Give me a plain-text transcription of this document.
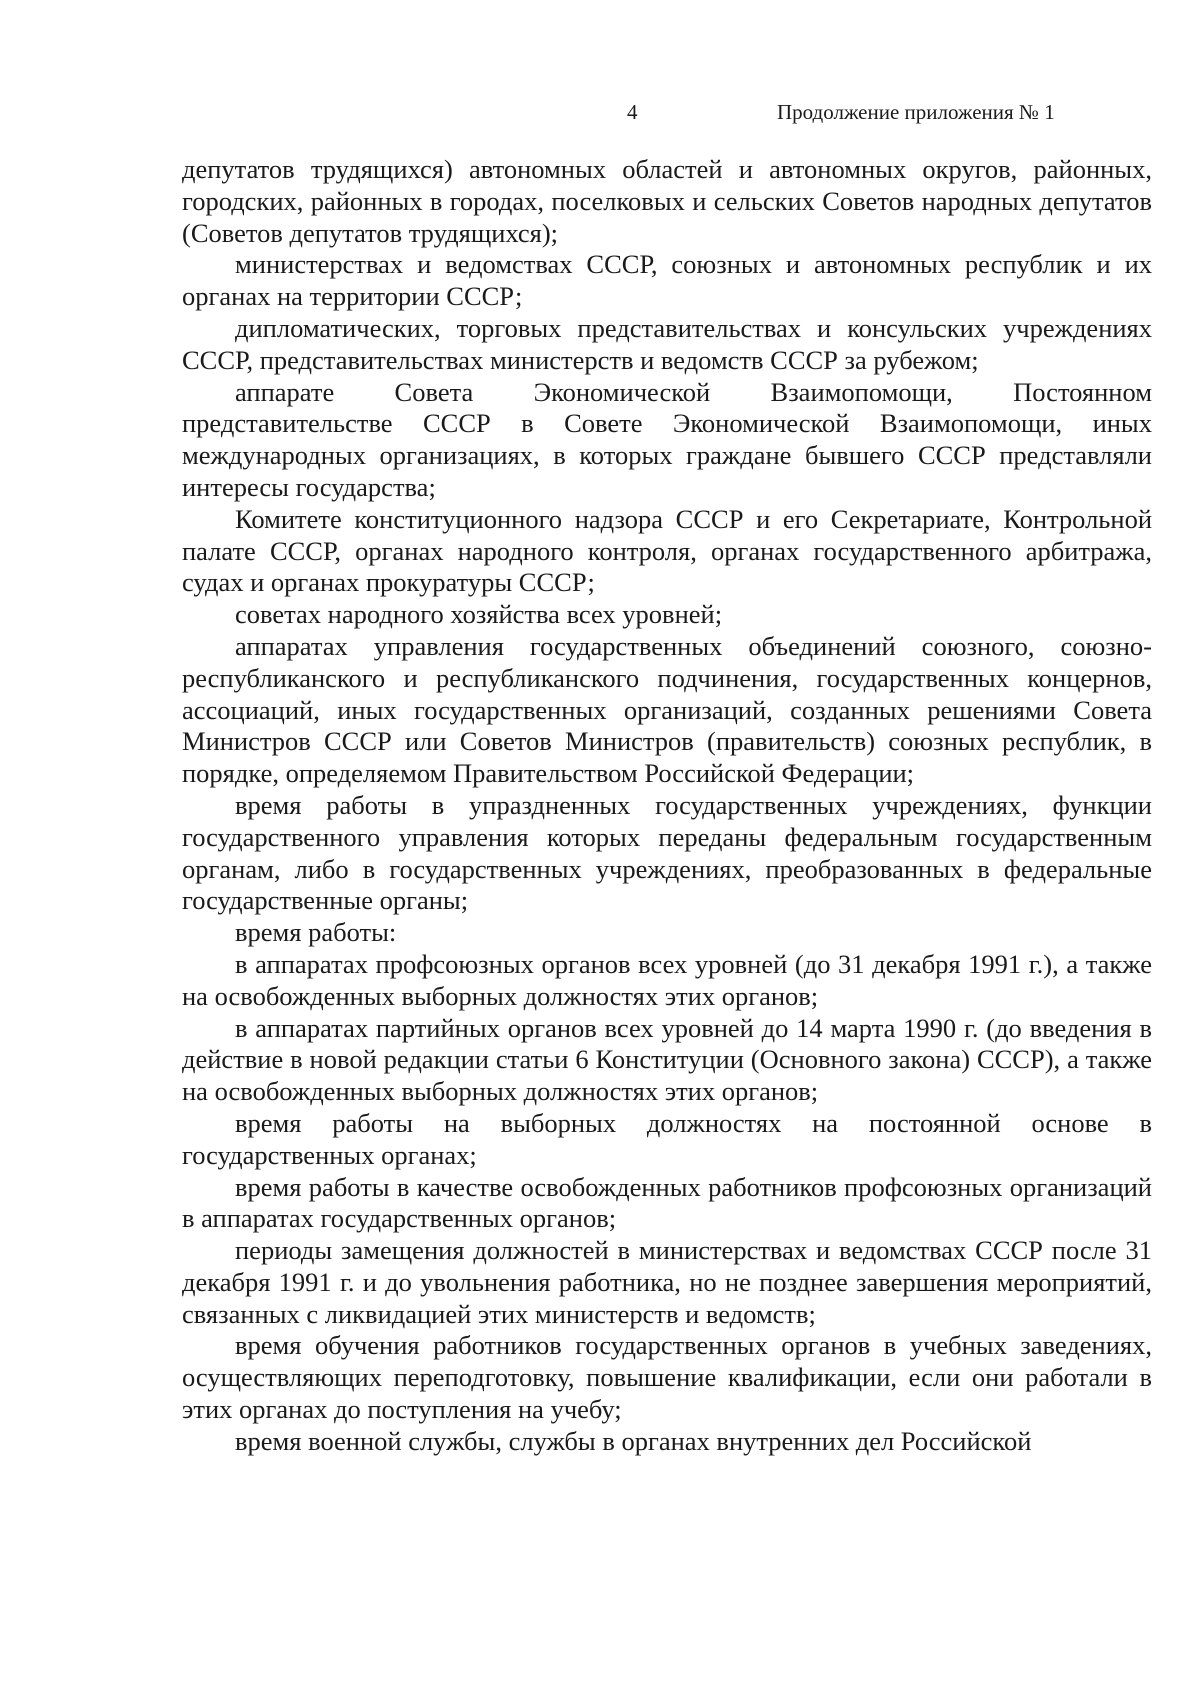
4	Продолжение приложения № 1

депутатов трудящихся) автономных областей и автономных округов, районных, городских, районных в городах, поселковых и сельских Советов народных депутатов (Советов депутатов трудящихся);

министерствах и ведомствах СССР, союзных и автономных республик и их органах на территории СССР;

дипломатических, торговых представительствах и консульских учреждениях СССР, представительствах министерств и ведомств СССР за рубежом;

аппарате Совета Экономической Взаимопомощи, Постоянном представительстве СССР в Совете Экономической Взаимопомощи, иных международных организациях, в которых граждане бывшего СССР представляли интересы государства;

Комитете конституционного надзора СССР и его Секретариате, Контрольной палате СССР, органах народного контроля, органах государственного арбитража, судах и органах прокуратуры СССР;

советах народного хозяйства всех уровней;

аппаратах управления государственных объединений союзного, союзно-республиканского и республиканского подчинения, государственных концернов, ассоциаций, иных государственных организаций, созданных решениями Совета Министров СССР или Советов Министров (правительств) союзных республик, в порядке, определяемом Правительством Российской Федерации;

время работы в упраздненных государственных учреждениях, функции государственного управления которых переданы федеральным государственным органам, либо в государственных учреждениях, преобразованных в федеральные государственные органы;

время работы:

в аппаратах профсоюзных органов всех уровней (до 31 декабря 1991 г.), а также на освобожденных выборных должностях этих органов;

в аппаратах партийных органов всех уровней до 14 марта 1990 г. (до введения в действие в новой редакции статьи 6 Конституции (Основного закона) СССР), а также на освобожденных выборных должностях этих органов;

время работы на выборных должностях на постоянной основе в государственных органах;

время работы в качестве освобожденных работников профсоюзных организаций в аппаратах государственных органов;

периоды замещения должностей в министерствах и ведомствах СССР после 31 декабря 1991 г. и до увольнения работника, но не позднее завершения мероприятий, связанных с ликвидацией этих министерств и ведомств;

время обучения работников государственных органов в учебных заведениях, осуществляющих переподготовку, повышение квалификации, если они работали в этих органах до поступления на учебу;

время военной службы, службы в органах внутренних дел Российской
